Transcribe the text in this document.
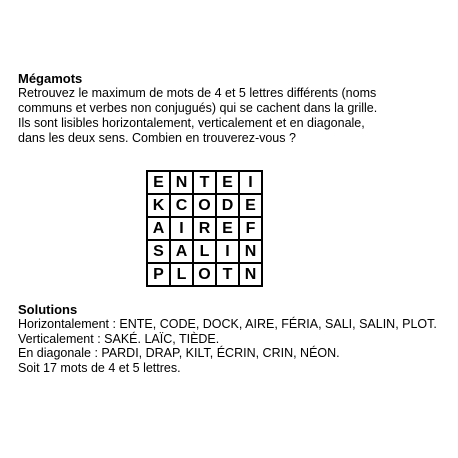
Mégamots
Retrouvez le maximum de mots de 4 et 5 lettres différents (noms
communs et verbes non conjugués) qui se cachent dans la grille.
Ils sont lisibles horizontalement, verticalement et en diagonale,
dans les deux sens. Combien en trouverez-vous ?
E	N	T	E	I
K	C	O	D	E
A	I	R	E	F
S	A	L	I	N
P	L	O	T	N
Solutions
Horizontalement : ENTE, CODE, DOCK, AIRE, FÉRIA, SALI, SALIN, PLOT.
Verticalement : SAKÉ. LAÏC, TIÈDE.
En diagonale : PARDI, DRAP, KILT, ÉCRIN, CRIN, NÉON.
Soit 17 mots de 4 et 5 lettres.
